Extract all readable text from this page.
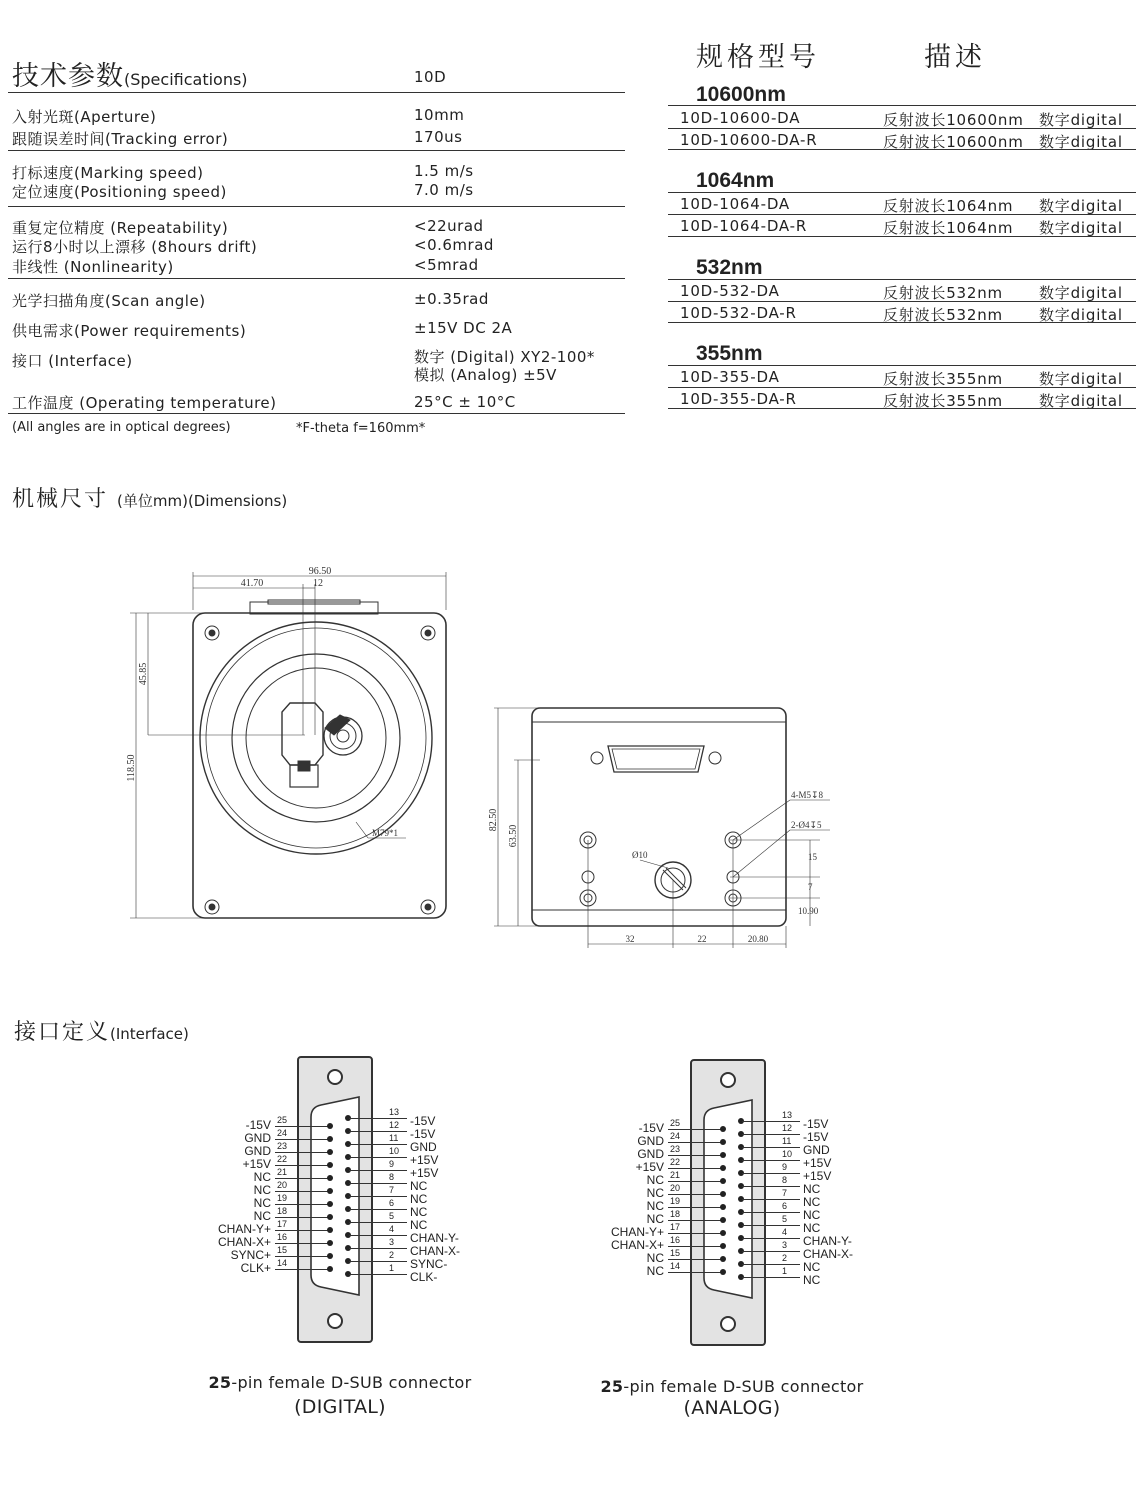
技术参数(Specifications)	10D
入射光斑(Aperture)	10mm
跟随误差时间(Tracking error)	170us
打标速度(Marking speed)	1.5 m/s
定位速度(Positioning speed)	7.0 m/s
重复定位精度 (Repeatability)	<22urad
运行8小时以上漂移 (8hours drift)	<0.6mrad
非线性 (Nonlinearity)	<5mrad
光学扫描角度(Scan angle)	±0.35rad
供电需求(Power requirements)	±15V DC 2A
接口 (Interface)	数字 (Digital) XY2-100*
模拟 (Analog) ±5V
工作温度 (Operating temperature)	25°C ± 10°C
(All angles are in optical degrees)	*F-theta f=160mm*
规格型号	描述
10600nm
10D-10600-DA	反射波长10600nm 数字digital
10D-10600-DA-R	反射波长10600nm 数字digital
1064nm
10D-1064-DA	反射波长1064nm 数字digital
10D-1064-DA-R	反射波长1064nm 数字digital
532nm
10D-532-DA	反射波长532nm 数字digital
10D-532-DA-R	反射波长532nm 数字digital
355nm
10D-355-DA	反射波长355nm 数字digital
10D-355-DA-R	反射波长355nm 数字digital
机械尺寸 (单位mm)(Dimensions)
96.50
41.70	12
45.85
118.50
M79*1
82.50
63.50
4-M5↧8
2-Ø4↧5
Ø10	15
7
10.90
32	22	20.80
接口定义(Interface)
-15V 25
GND 24
GND 23
+15V 22
NC 21
NC 20
NC 19
NC 18
CHAN-Y+ 17
CHAN-X+ 16
SYNC+ 15
CLK+ 14
13
-15V
12
-15V
11
GND
10
+15V
9
+15V
8
NC
7
NC
6
NC
5
NC
4
CHAN-Y-
3
CHAN-X-
2
SYNC-
1
CLK-
-15V 25
GND 24
GND 23
+15V 22
NC 21
NC 20
NC 19
NC 18
CHAN-Y+ 17
CHAN-X+ 16
NC 15
NC 14
13
-15V
12
-15V
11
GND
10
+15V
9
+15V
8
NC
7
NC
6
NC
5
NC
4
CHAN-Y-
3
CHAN-X-
2
NC
1
NC
25-pin female D-SUB connector
(DIGITAL)
25-pin female D-SUB connector
(ANALOG)
